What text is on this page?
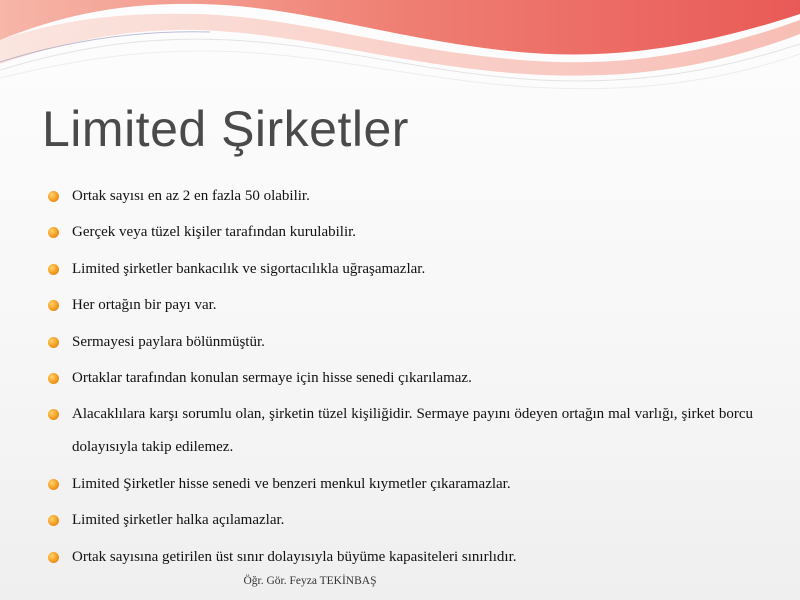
Limited Şirketler
Ortak sayısı en az 2 en fazla 50 olabilir.
Gerçek veya tüzel kişiler tarafından kurulabilir.
Limited şirketler bankacılık ve sigortacılıkla uğraşamazlar.
Her ortağın bir payı var.
Sermayesi paylara bölünmüştür.
Ortaklar tarafından konulan sermaye için hisse senedi çıkarılamaz.
Alacaklılara karşı sorumlu olan, şirketin tüzel kişiliğidir. Sermaye payını ödeyen ortağın mal varlığı, şirket borcu dolayısıyla takip edilemez.
Limited Şirketler hisse senedi ve benzeri menkul kıymetler çıkaramazlar.
Limited şirketler halka açılamazlar.
Ortak sayısına getirilen üst sınır dolayısıyla büyüme kapasiteleri sınırlıdır.
Öğr. Gör. Feyza TEKİNBAŞ
